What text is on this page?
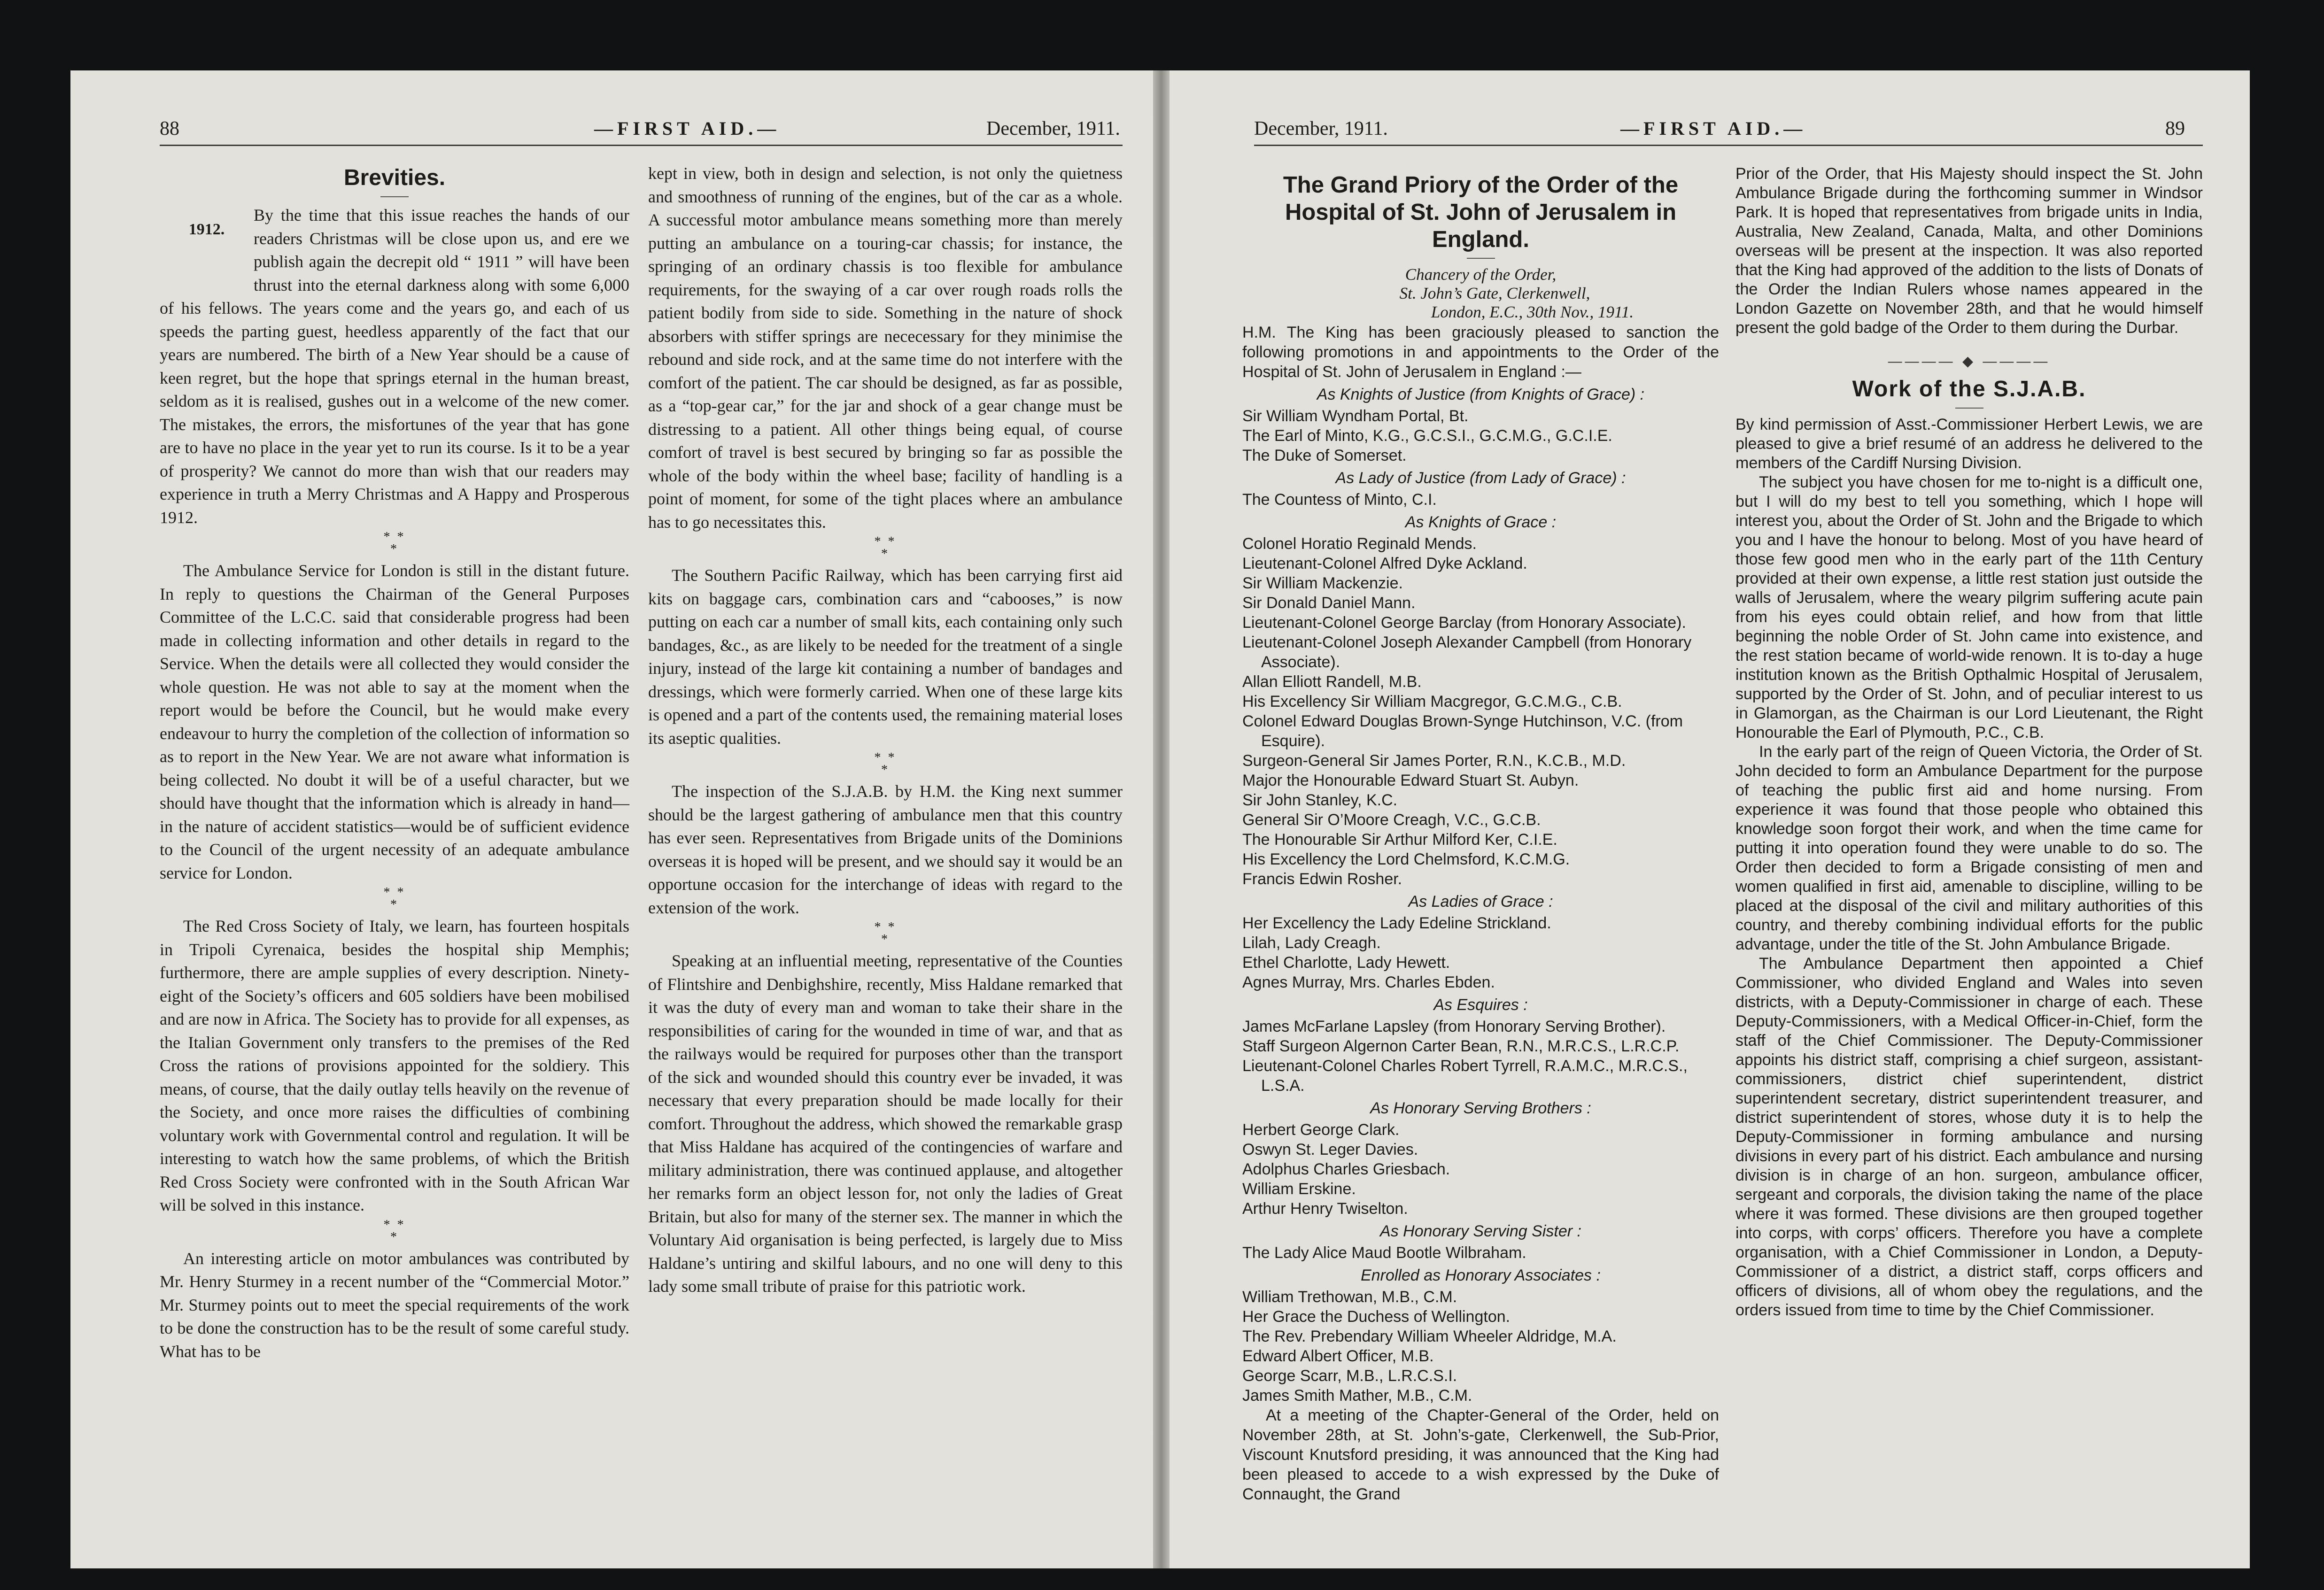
88	—FIRST AID.—	December, 1911.
Brevities.
1912.

By the time that this issue reaches the hands of our readers Christmas will be close upon us, and ere we publish again the decrepit old “ 1911 ” will have been thrust into the eternal darkness along with some 6,000 of his fellows. The years come and the years go, and each of us speeds the parting guest, heedless apparently of the fact that our years are numbered. The birth of a New Year should be a cause of keen regret, but the hope that springs eternal in the human breast, seldom as it is realised, gushes out in a welcome of the new comer. The mistakes, the errors, the misfortunes of the year that has gone are to have no place in the year yet to run its course. Is it to be a year of prosperity? We cannot do more than wish that our readers may experience in truth a Merry Christmas and A Happy and Prosperous 1912.

* *
*

The Ambulance Service for London is still in the distant future. In reply to questions the Chairman of the General Purposes Committee of the L.C.C. said that considerable progress had been made in collecting information and other details in regard to the Service. When the details were all collected they would consider the whole question. He was not able to say at the moment when the report would be before the Council, but he would make every endeavour to hurry the completion of the collection of information so as to report in the New Year. We are not aware what information is being collected. No doubt it will be of a useful character, but we should have thought that the information which is already in hand—in the nature of accident statistics—would be of sufficient evidence to the Council of the urgent necessity of an adequate ambulance service for London.

* *
*

The Red Cross Society of Italy, we learn, has fourteen hospitals in Tripoli Cyrenaica, besides the hospital ship Memphis; furthermore, there are ample supplies of every description. Ninety-eight of the Society’s officers and 605 soldiers have been mobilised and are now in Africa. The Society has to provide for all expenses, as the Italian Government only transfers to the premises of the Red Cross the rations of provisions appointed for the soldiery. This means, of course, that the daily outlay tells heavily on the revenue of the Society, and once more raises the difficulties of combining voluntary work with Governmental control and regulation. It will be interesting to watch how the same problems, of which the British Red Cross Society were confronted with in the South African War will be solved in this instance.

* *
*

An interesting article on motor ambulances was contributed by Mr. Henry Sturmey in a recent number of the “Commercial Motor.” Mr. Sturmey points out to meet the special requirements of the work to be done the construction has to be the result of some careful study. What has to be

kept in view, both in design and selection, is not only the quietness and smoothness of running of the engines, but of the car as a whole. A successful motor ambulance means something more than merely putting an ambulance on a touring-car chassis; for instance, the springing of an ordinary chassis is too flexible for ambulance requirements, for the swaying of a car over rough roads rolls the patient bodily from side to side. Something in the nature of shock absorbers with stiffer springs are nececessary for they minimise the rebound and side rock, and at the same time do not interfere with the comfort of the patient. The car should be designed, as far as possible, as a “top-gear car,” for the jar and shock of a gear change must be distressing to a patient. All other things being equal, of course comfort of travel is best secured by bringing so far as possible the whole of the body within the wheel base; facility of handling is a point of moment, for some of the tight places where an ambulance has to go necessitates this.

* *
*

The Southern Pacific Railway, which has been carrying first aid kits on baggage cars, combination cars and “cabooses,” is now putting on each car a number of small kits, each containing only such bandages, &c., as are likely to be needed for the treatment of a single injury, instead of the large kit containing a number of bandages and dressings, which were formerly carried. When one of these large kits is opened and a part of the contents used, the remaining material loses its aseptic qualities.

* *
*

The inspection of the S.J.A.B. by H.M. the King next summer should be the largest gathering of ambulance men that this country has ever seen. Representatives from Brigade units of the Dominions overseas it is hoped will be present, and we should say it would be an opportune occasion for the interchange of ideas with regard to the extension of the work.

* *
*

Speaking at an influential meeting, representative of the Counties of Flintshire and Denbighshire, recently, Miss Haldane remarked that it was the duty of every man and woman to take their share in the responsibilities of caring for the wounded in time of war, and that as the railways would be required for purposes other than the transport of the sick and wounded should this country ever be invaded, it was necessary that every preparation should be made locally for their comfort. Throughout the address, which showed the remarkable grasp that Miss Haldane has acquired of the contingencies of warfare and military administration, there was continued applause, and altogether her remarks form an object lesson for, not only the ladies of Great Britain, but also for many of the sterner sex. The manner in which the Voluntary Aid organisation is being perfected, is largely due to Miss Haldane’s untiring and skilful labours, and no one will deny to this lady some small tribute of praise for this patriotic work.

December, 1911.	—FIRST AID.—	89
The Grand Priory of the Order of the Hospital of St. John of Jerusalem in England.
Chancery of the Order,
St. John’s Gate, Clerkenwell,
London, E.C., 30th Nov., 1911.

H.M. The King has been graciously pleased to sanction the following promotions in and appointments to the Order of the Hospital of St. John of Jerusalem in England :—

As Knights of Justice (from Knights of Grace) :
Sir William Wyndham Portal, Bt.
The Earl of Minto, K.G., G.C.S.I., G.C.M.G., G.C.I.E.
The Duke of Somerset.
As Lady of Justice (from Lady of Grace) :
The Countess of Minto, C.I.
As Knights of Grace :
Colonel Horatio Reginald Mends.
Lieutenant-Colonel Alfred Dyke Ackland.
Sir William Mackenzie.
Sir Donald Daniel Mann.
Lieutenant-Colonel George Barclay (from Honorary Associate).
Lieutenant-Colonel Joseph Alexander Campbell (from Honorary Associate).
Allan Elliott Randell, M.B.
His Excellency Sir William Macgregor, G.C.M.G., C.B.
Colonel Edward Douglas Brown-Synge Hutchinson, V.C. (from Esquire).
Surgeon-General Sir James Porter, R.N., K.C.B., M.D.
Major the Honourable Edward Stuart St. Aubyn.
Sir John Stanley, K.C.
General Sir O’Moore Creagh, V.C., G.C.B.
The Honourable Sir Arthur Milford Ker, C.I.E.
His Excellency the Lord Chelmsford, K.C.M.G.
Francis Edwin Rosher.
As Ladies of Grace :
Her Excellency the Lady Edeline Strickland.
Lilah, Lady Creagh.
Ethel Charlotte, Lady Hewett.
Agnes Murray, Mrs. Charles Ebden.
As Esquires :
James McFarlane Lapsley (from Honorary Serving Brother).
Staff Surgeon Algernon Carter Bean, R.N., M.R.C.S., L.R.C.P.
Lieutenant-Colonel Charles Robert Tyrrell, R.A.M.C., M.R.C.S., L.S.A.
As Honorary Serving Brothers :
Herbert George Clark.
Oswyn St. Leger Davies.
Adolphus Charles Griesbach.
William Erskine.
Arthur Henry Twiselton.
As Honorary Serving Sister :
The Lady Alice Maud Bootle Wilbraham.
Enrolled as Honorary Associates :
William Trethowan, M.B., C.M.
Her Grace the Duchess of Wellington.
The Rev. Prebendary William Wheeler Aldridge, M.A.
Edward Albert Officer, M.B.
George Scarr, M.B., L.R.C.S.I.
James Smith Mather, M.B., C.M.

At a meeting of the Chapter-General of the Order, held on November 28th, at St. John’s-gate, Clerkenwell, the Sub-Prior, Viscount Knutsford presiding, it was announced that the King had been pleased to accede to a wish expressed by the Duke of Connaught, the Grand

Prior of the Order, that His Majesty should inspect the St. John Ambulance Brigade during the forthcoming summer in Windsor Park. It is hoped that representatives from brigade units in India, Australia, New Zealand, Canada, Malta, and other Dominions overseas will be present at the inspection. It was also reported that the King had approved of the addition to the lists of Donats of the Order the Indian Rulers whose names appeared in the London Gazette on November 28th, and that he would himself present the gold badge of the Order to them during the Durbar.

———— ◆ ————
Work of the S.J.A.B.

By kind permission of Asst.-Commissioner Herbert Lewis, we are pleased to give a brief resumé of an address he delivered to the members of the Cardiff Nursing Division.

The subject you have chosen for me to-night is a difficult one, but I will do my best to tell you something, which I hope will interest you, about the Order of St. John and the Brigade to which you and I have the honour to belong. Most of you have heard of those few good men who in the early part of the 11th Century provided at their own expense, a little rest station just outside the walls of Jerusalem, where the weary pilgrim suffering acute pain from his eyes could obtain relief, and how from that little beginning the noble Order of St. John came into existence, and the rest station became of world-wide renown. It is to-day a huge institution known as the British Opthalmic Hospital of Jerusalem, supported by the Order of St. John, and of peculiar interest to us in Glamorgan, as the Chairman is our Lord Lieutenant, the Right Honourable the Earl of Plymouth, P.C., C.B.

In the early part of the reign of Queen Victoria, the Order of St. John decided to form an Ambulance Department for the purpose of teaching the public first aid and home nursing. From experience it was found that those people who obtained this knowledge soon forgot their work, and when the time came for putting it into operation found they were unable to do so. The Order then decided to form a Brigade consisting of men and women qualified in first aid, amenable to discipline, willing to be placed at the disposal of the civil and military authorities of this country, and thereby combining individual efforts for the public advantage, under the title of the St. John Ambulance Brigade.

The Ambulance Department then appointed a Chief Commissioner, who divided England and Wales into seven districts, with a Deputy-Commissioner in charge of each. These Deputy-Commissioners, with a Medical Officer-in-Chief, form the staff of the Chief Commissioner. The Deputy-Commissioner appoints his district staff, comprising a chief surgeon, assistant-commissioners, district chief superintendent, district superintendent secretary, district superintendent treasurer, and district superintendent of stores, whose duty it is to help the Deputy-Commissioner in forming ambulance and nursing divisions in every part of his district. Each ambulance and nursing division is in charge of an hon. surgeon, ambulance officer, sergeant and corporals, the division taking the name of the place where it was formed. These divisions are then grouped together into corps, with corps’ officers. Therefore you have a complete organisation, with a Chief Commissioner in London, a Deputy-Commissioner of a district, a district staff, corps officers and officers of divisions, all of whom obey the regulations, and the orders issued from time to time by the Chief Commissioner.
